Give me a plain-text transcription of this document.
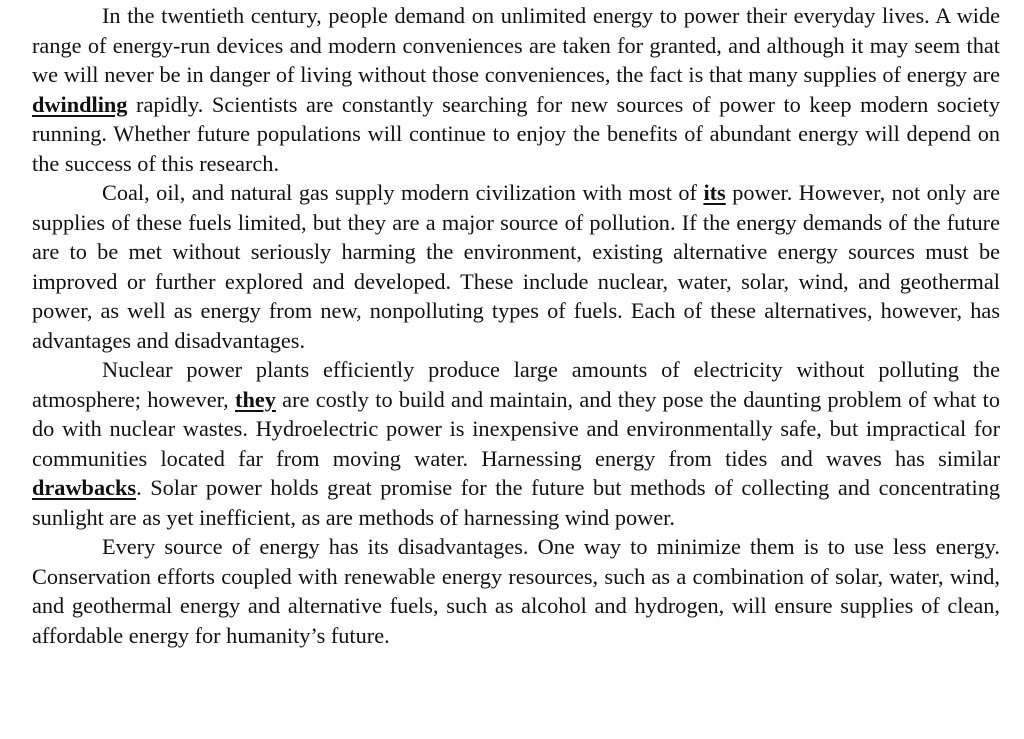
In the twentieth century, people demand on unlimited energy to power their everyday lives. A wide range of energy-run devices and modern conveniences are taken for granted, and although it may seem that we will never be in danger of living without those conveniences, the fact is that many supplies of energy are dwindling rapidly. Scientists are constantly searching for new sources of power to keep modern society running. Whether future populations will continue to enjoy the benefits of abundant energy will depend on the success of this research.

Coal, oil, and natural gas supply modern civilization with most of its power. However, not only are supplies of these fuels limited, but they are a major source of pollution. If the energy demands of the future are to be met without seriously harming the environment, existing alternative energy sources must be improved or further explored and developed. These include nuclear, water, solar, wind, and geothermal power, as well as energy from new, nonpolluting types of fuels. Each of these alternatives, however, has advantages and disadvantages.

Nuclear power plants efficiently produce large amounts of electricity without polluting the atmosphere; however, they are costly to build and maintain, and they pose the daunting problem of what to do with nuclear wastes. Hydroelectric power is inexpensive and environmentally safe, but impractical for communities located far from moving water. Harnessing energy from tides and waves has similar drawbacks. Solar power holds great promise for the future but methods of collecting and concentrating sunlight are as yet inefficient, as are methods of harnessing wind power.

Every source of energy has its disadvantages. One way to minimize them is to use less energy. Conservation efforts coupled with renewable energy resources, such as a combination of solar, water, wind, and geothermal energy and alternative fuels, such as alcohol and hydrogen, will ensure supplies of clean, affordable energy for humanity’s future.
